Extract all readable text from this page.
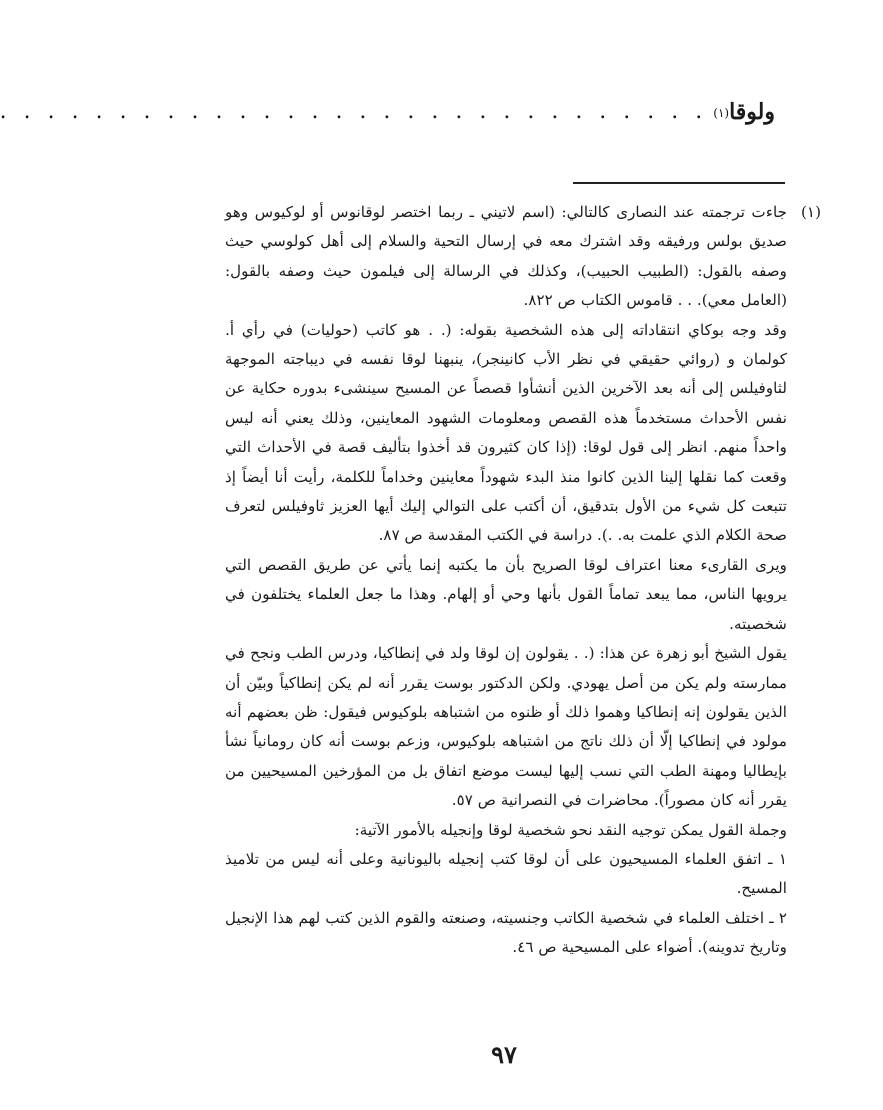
ولوقا
(١)
. . . . . . . . . . . . . . . . . . . . . . . . . . . . . .
(١)

جاءت ترجمته عند النصارى كالتالي: (اسم لاتيني ـ ربما اختصر لوقانوس أو لوكيوس وهو صديق بولس ورفيقه وقد اشترك معه في إرسال التحية والسلام إلى أهل كولوسي حيث وصفه بالقول: (الطبيب الحبيب)، وكذلك في الرسالة إلى فيلمون حيث وصفه بالقول: (العامل معي). . . قاموس الكتاب ص ٨٢٢.

وقد وجه بوكاي انتقاداته إلى هذه الشخصية بقوله: (. . هو كاتب (حوليات) في رأي أ. كولمان و (روائي حقيقي في نظر الأب كانينجر)، ينبهنا لوقا نفسه في ديباجته الموجهة لثاوفيلس إلى أنه بعد الآخرين الذين أنشأوا قصصاً عن المسيح سينشىء بدوره حكاية عن نفس الأحداث مستخدماً هذه القصص ومعلومات الشهود المعاينين، وذلك يعني أنه ليس واحداً منهم. انظر إلى قول لوقا: (إذا كان كثيرون قد أخذوا بتأليف قصة في الأحداث التي وقعت كما نقلها إلينا الذين كانوا منذ البدء شهوداً معاينين وخداماً للكلمة، رأيت أنا أيضاً إذ تتبعت كل شيء من الأول بتدقيق، أن أكتب على التوالي إليك أيها العزيز ثاوفيلس لتعرف صحة الكلام الذي علمت به. .). دراسة في الكتب المقدسة ص ٨٧.

ويرى القارىء معنا اعتراف لوقا الصريح بأن ما يكتبه إنما يأتي عن طريق القصص التي يرويها الناس، مما يبعد تماماً القول بأنها وحي أو إلهام. وهذا ما جعل العلماء يختلفون في شخصيته.

يقول الشيخ أبو زهرة عن هذا: (. . يقولون إن لوقا ولد في إنطاكيا، ودرس الطب ونجح في ممارسته ولم يكن من أصل يهودي. ولكن الدكتور بوست يقرر أنه لم يكن إنطاكياً وبيّن أن الذين يقولون إنه إنطاكيا وهموا ذلك أو ظنوه من اشتباهه بلوكيوس فيقول: ظن بعضهم أنه مولود في إنطاكيا إلّا أن ذلك ناتج من اشتباهه بلوكيوس، وزعم بوست أنه كان رومانياً نشأ بإيطاليا ومهنة الطب التي نسب إليها ليست موضع اتفاق بل من المؤرخين المسيحيين من يقرر أنه كان مصوراً). محاضرات في النصرانية ص ٥٧.

وجملة القول يمكن توجيه النقد نحو شخصية لوقا وإنجيله بالأمور الآتية:

١ ـ اتفق العلماء المسيحيون على أن لوقا كتب إنجيله باليونانية وعلى أنه ليس من تلاميذ المسيح.

٢ ـ اختلف العلماء في شخصية الكاتب وجنسيته، وصنعته والقوم الذين كتب لهم هذا الإنجيل وتاريخ تدوينه). أضواء على المسيحية ص ٤٦.

٩٧
